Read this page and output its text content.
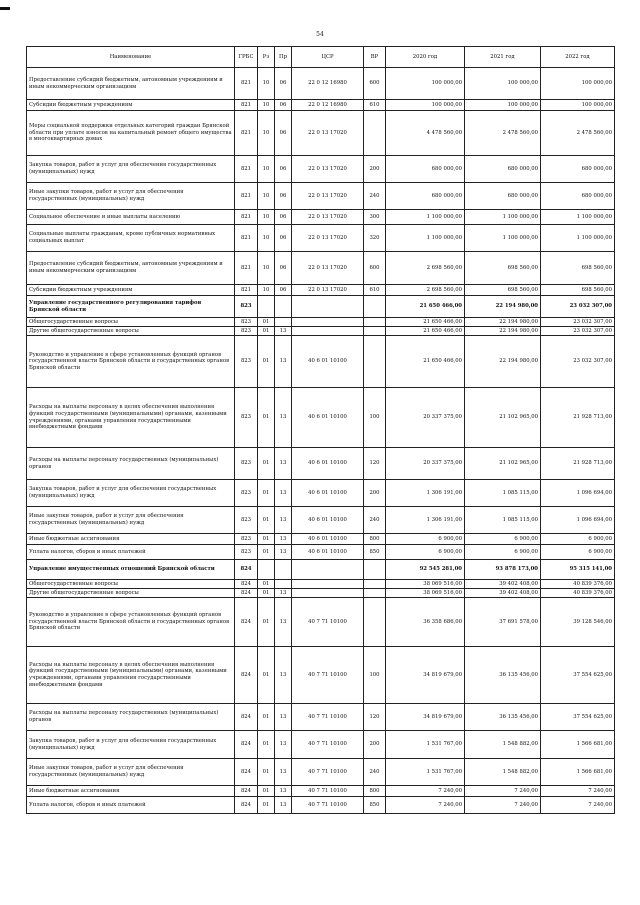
54
Наименование	ГРБС	Рз	Пр	ЦСР	ВР	2020 год	2021 год	2022 год
Предоставление субсидий бюджетным, автономным учреждениям и иным некоммерческим организациям	821	10	06	22 0 12 16980	600	100 000,00	100 000,00	100 000,00
Субсидии бюджетным учреждениям	821	10	06	22 0 12 16980	610	100 000,00	100 000,00	100 000,00
Меры социальной поддержки отдельных категорий граждан Брянской области при уплате взносов на капитальный ремонт общего имущества в многоквартирных домах	821	10	06	22 0 13 17020		4 478 560,00	2 478 560,00	2 478 560,00
Закупка товаров, работ и услуг для обеспечения государственных (муниципальных) нужд	821	10	06	22 0 13 17020	200	680 000,00	680 000,00	680 000,00
Иные закупки товаров, работ и услуг для обеспечения государственных (муниципальных) нужд	821	10	06	22 0 13 17020	240	680 000,00	680 000,00	680 000,00
Социальное обеспечение и иные выплаты населению	821	10	06	22 0 13 17020	300	1 100 000,00	1 100 000,00	1 100 000,00
Социальные выплаты гражданам, кроме публичных нормативных социальных выплат	821	10	06	22 0 13 17020	320	1 100 000,00	1 100 000,00	1 100 000,00
Предоставление субсидий бюджетным, автономным учреждениям и иным некоммерческим организациям	821	10	06	22 0 13 17020	600	2 698 560,00	698 560,00	698 560,00
Субсидии бюджетным учреждениям	821	10	06	22 0 13 17020	610	2 698 560,00	698 560,00	698 560,00
Управление государственного регулирования тарифов Брянской области	823					21 650 466,00	22 194 980,00	23 032 307,00
Общегосударственные вопросы	823	01				21 650 466,00	22 194 980,00	23 032 307,00
Другие общегосударственные вопросы	823	01	13			21 650 466,00	22 194 980,00	23 032 307,00
Руководство и управление в сфере установленных функций органов государственной власти Брянской области и государственных органов Брянской области	823	01	13	40 6 01 10100		21 650 466,00	22 194 980,00	23 032 307,00
Расходы на выплаты персоналу в целях обеспечения выполнения функций государственными (муниципальными) органами, казенными учреждениями, органами управления государственными внебюджетными фондами	823	01	13	40 6 01 10100	100	20 337 375,00	21 102 965,00	21 928 713,00
Расходы на выплаты персоналу государственных (муниципальных) органов	823	01	13	40 6 01 10100	120	20 337 375,00	21 102 965,00	21 928 713,00
Закупка товаров, работ и услуг для обеспечения государственных (муниципальных) нужд	823	01	13	40 6 01 10100	200	1 306 191,00	1 085 115,00	1 096 694,00
Иные закупки товаров, работ и услуг для обеспечения государственных (муниципальных) нужд	823	01	13	40 6 01 10100	240	1 306 191,00	1 085 115,00	1 096 694,00
Иные бюджетные ассигнования	823	01	13	40 6 01 10100	800	6 900,00	6 900,00	6 900,00
Уплата налогов, сборов и иных платежей	823	01	13	40 6 01 10100	850	6 900,00	6 900,00	6 900,00
Управление имущественных отношений Брянской области	824					92 545 281,00	93 878 173,00	95 315 141,00
Общегосударственные вопросы	824	01				38 069 516,00	39 402 408,00	40 839 376,00
Другие общегосударственные вопросы	824	01	13			38 069 516,00	39 402 408,00	40 839 376,00
Руководство и управление в сфере установленных функций органов государственной власти Брянской области и государственных органов Брянской области	824	01	13	40 7 71 10100		36 358 686,00	37 691 578,00	39 128 546,00
Расходы на выплаты персоналу в целях обеспечения выполнения функций государственными (муниципальными) органами, казенными учреждениями, органами управления государственными внебюджетными фондами	824	01	13	40 7 71 10100	100	34 819 679,00	36 135 456,00	37 554 625,00
Расходы на выплаты персоналу государственных (муниципальных) органов	824	01	13	40 7 71 10100	120	34 819 679,00	36 135 456,00	37 554 625,00
Закупка товаров, работ и услуг для обеспечения государственных (муниципальных) нужд	824	01	13	40 7 71 10100	200	1 531 767,00	1 548 882,00	1 566 681,00
Иные закупки товаров, работ и услуг для обеспечения государственных (муниципальных) нужд	824	01	13	40 7 71 10100	240	1 531 767,00	1 548 882,00	1 566 681,00
Иные бюджетные ассигнования	824	01	13	40 7 71 10100	800	7 240,00	7 240,00	7 240,00
Уплата налогов, сборов и иных платежей	824	01	13	40 7 71 10100	850	7 240,00	7 240,00	7 240,00
